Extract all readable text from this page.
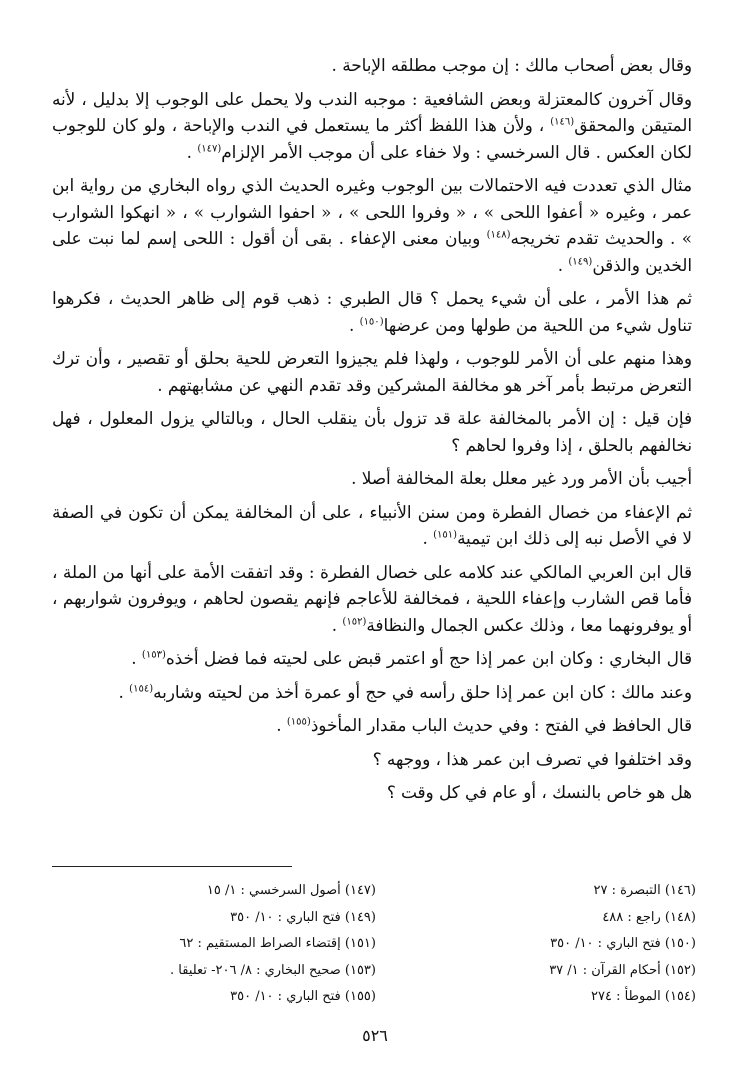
وقال بعض أصحاب مالك : إن موجب مطلقه الإباحة .

وقال آخرون كالمعتزلة وبعض الشافعية : موجبه الندب ولا يحمل على الوجوب إلا بدليل ، لأنه المتيقن والمحقق$^{(١٤٦)}$ ، ولأن هذا اللفظ أكثر ما يستعمل في الندب والإباحة ، ولو كان للوجوب لكان العكس . قال السرخسي : ولا خفاء على أن موجب الأمر الإلزام$^{(١٤٧)}$ .

مثال الذي تعددت فيه الاحتمالات بين الوجوب وغيره الحديث الذي رواه البخاري من رواية ابن عمر ، وغيره « أعفوا اللحى » ، « وفروا اللحى » ، « احفوا الشوارب » ، « انهكوا الشوارب » . والحديث تقدم تخريجه$^{(١٤٨)}$ وبيان معنى الإعفاء . بقى أن أقول : اللحى إسم لما نبت على الخدين والذقن$^{(١٤٩)}$ .

ثم هذا الأمر ، على أن شيء يحمل ؟ قال الطبري : ذهب قوم إلى ظاهر الحديث ، فكرهوا تناول شيء من اللحية من طولها ومن عرضها$^{(١٥٠)}$ .

وهذا منهم على أن الأمر للوجوب ، ولهذا فلم يجيزوا التعرض للحية بحلق أو تقصير ، وأن ترك التعرض مرتبط بأمر آخر هو مخالفة المشركين وقد تقدم النهي عن مشابهتهم .

فإن قيل : إن الأمر بالمخالفة علة قد تزول بأن ينقلب الحال ، وبالتالي يزول المعلول ، فهل نخالفهم بالحلق ، إذا وفروا لحاهم ؟

أجيب بأن الأمر ورد غير معلل بعلة المخالفة أصلا .

ثم الإعفاء من خصال الفطرة ومن سنن الأنبياء ، على أن المخالفة يمكن أن تكون في الصفة لا في الأصل نبه إلى ذلك ابن تيمية$^{(١٥١)}$ .

قال ابن العربي المالكي عند كلامه على خصال الفطرة : وقد اتفقت الأمة على أنها من الملة ، فأما قص الشارب وإعفاء اللحية ، فمخالفة للأعاجم فإنهم يقصون لحاهم ، ويوفرون شواربهم ، أو يوفرونهما معا ، وذلك عكس الجمال والنظافة$^{(١٥٢)}$ .

قال البخاري : وكان ابن عمر إذا حج أو اعتمر قبض على لحيته فما فضل أخذه$^{(١٥٣)}$ .

وعند مالك : كان ابن عمر إذا حلق رأسه في حج أو عمرة أخذ من لحيته وشاربه$^{(١٥٤)}$ .

قال الحافظ في الفتح : وفي حديث الباب مقدار المأخوذ$^{(١٥٥)}$ .

وقد اختلفوا في تصرف ابن عمر هذا ، ووجهه ؟

هل هو خاص بالنسك ، أو عام في كل وقت ؟

(١٤٦) التبصرة : ٢٧
(١٤٧) أصول السرخسي : ١/ ١٥
(١٤٨) راجع : ٤٨٨
(١٤٩) فتح الباري : ١٠/ ٣٥٠
(١٥٠) فتح الباري : ١٠/ ٣٥٠
(١٥١) إقتضاء الصراط المستقيم : ٦٢
(١٥٢) أحكام القرآن : ١/ ٣٧
(١٥٣) صحيح البخاري : ٨/ ٢٠٦- تعليقا .
(١٥٤) الموطأ : ٢٧٤
(١٥٥) فتح الباري : ١٠/ ٣٥٠
٥٢٦
